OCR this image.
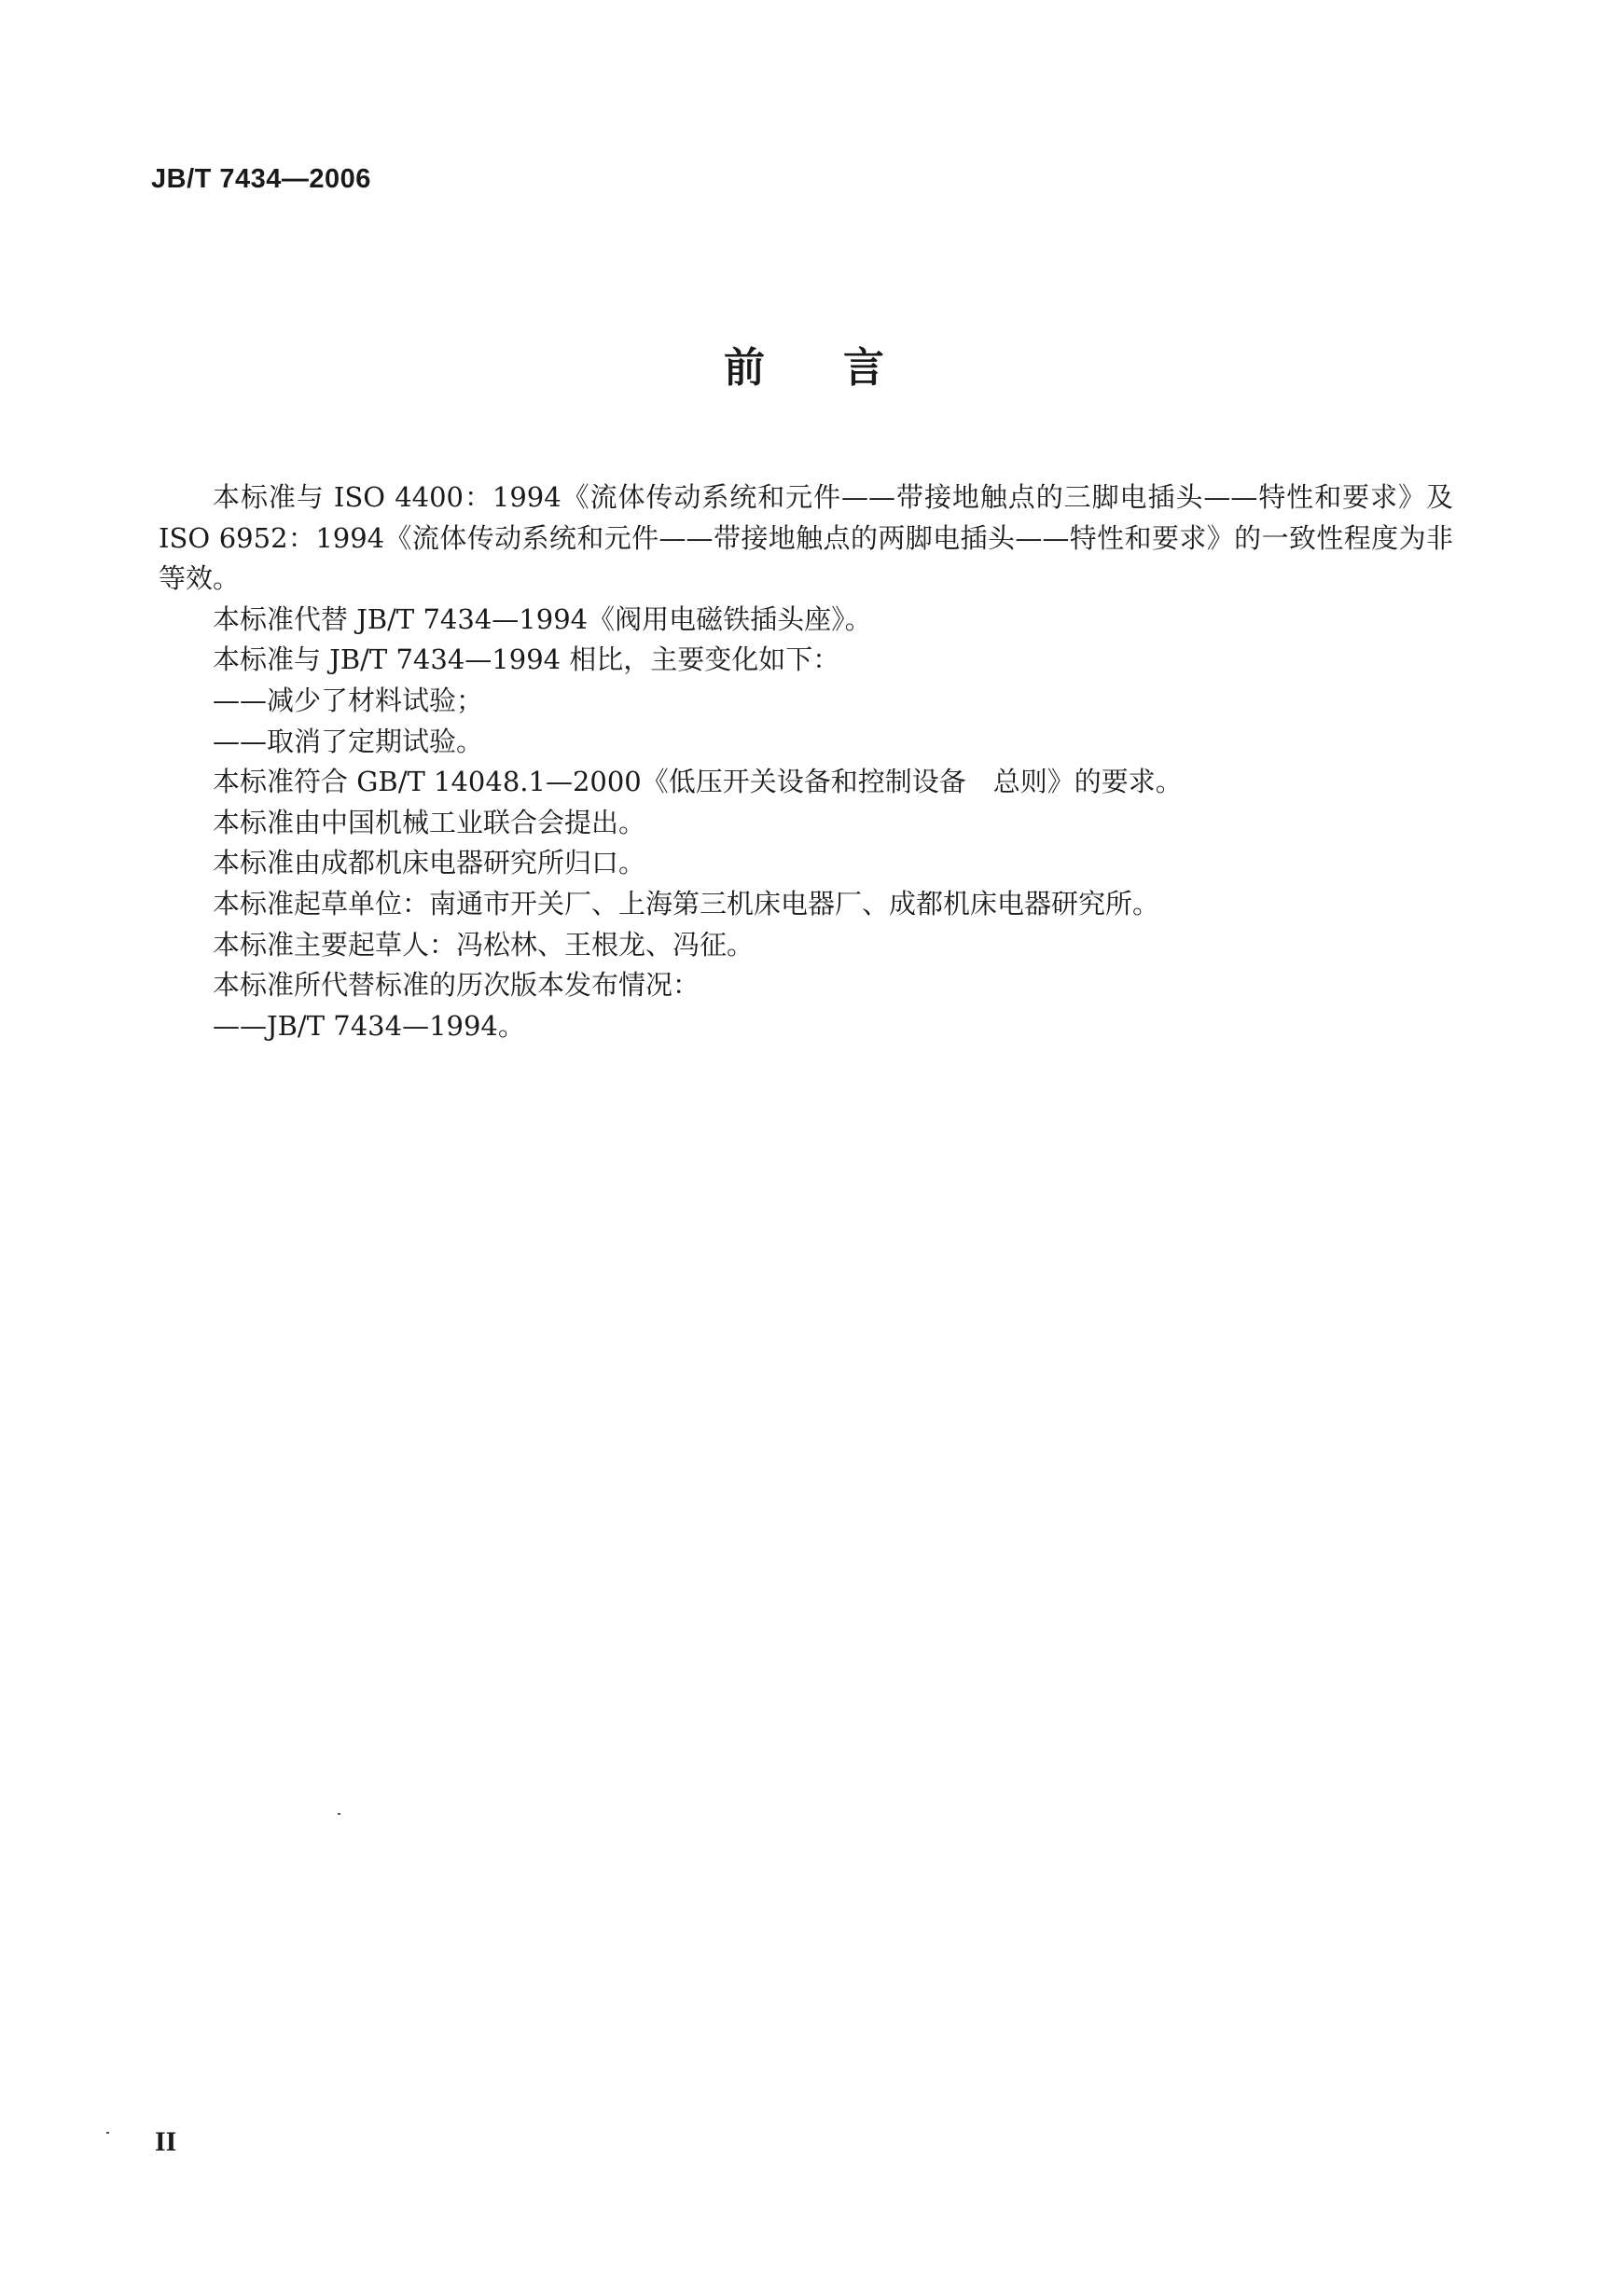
JB/T 7434—2006
前言

本标准与 ISO 4400：1994《流体传动系统和元件——带接地触点的三脚电插头——特性和要求》及 ISO 6952：1994《流体传动系统和元件——带接地触点的两脚电插头——特性和要求》的一致性程度为非等效。

本标准代替 JB/T 7434—1994《阀用电磁铁插头座》。

本标准与 JB/T 7434—1994 相比，主要变化如下：

——减少了材料试验；

——取消了定期试验。

本标准符合 GB/T 14048.1—2000《低压开关设备和控制设备　总则》的要求。

本标准由中国机械工业联合会提出。

本标准由成都机床电器研究所归口。

本标准起草单位：南通市开关厂、上海第三机床电器厂、成都机床电器研究所。

本标准主要起草人：冯松林、王根龙、冯征。

本标准所代替标准的历次版本发布情况：

——JB/T 7434—1994。

II
